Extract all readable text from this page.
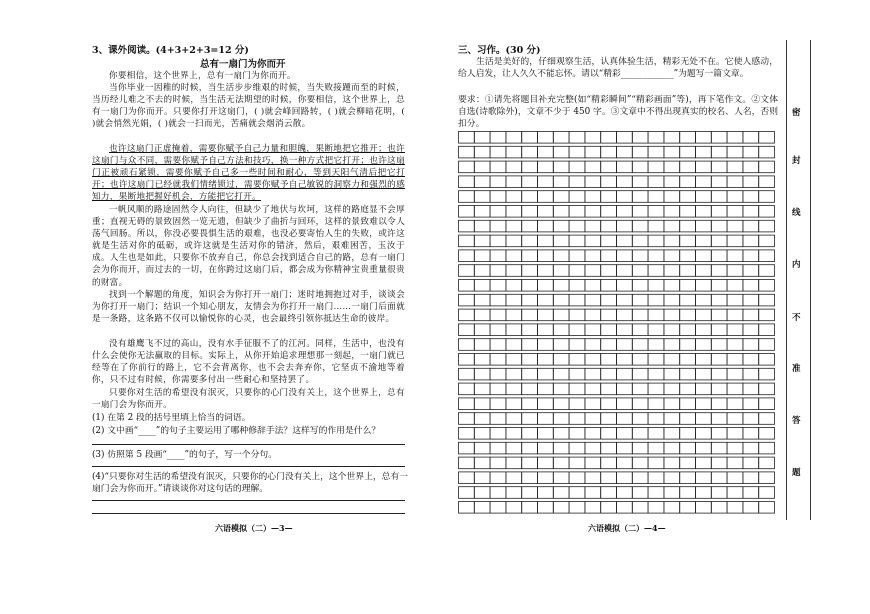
3、课外阅读。(4+3+2+3=12 分)
总有一扇门为你而开

你要相信，这个世界上，总有一扇门为你而开。

当你毕业一因稚的时候，当生活步步维艰的时候，当失败接踵而至的时候，当历经儿难之不去的时候，当生活无法期望的时候，你要相信，这个世界上，总有一扇门为你而开。只要你打开这扇门，( )就会峰回路转，( )就会柳暗花明，( )就会悄然光娟，( )就会一扫而光，苦痛就会烟消云散。

也许这扇门正虚掩着，需要你赋予自己力量和胆魄，果断地把它推开；也许这扇门与众不同，需要你赋予自己方法和技巧，换一种方式把它打开；也许这扇门正被顽石紧锁，需要你赋予自己多一些时间和耐心，等到天阳气清后把它打开；也许这扇门已经就我们情绪锁过，需要你赋予自己敏锐的洞察力和强烈的感知力，果断地把握好机会，方能把它打开。

一帆风顺的路途固然令人向往，但缺少了地伏与坎坷，这样的路庭显不会厚重；直视无碍的景致固然一览无遗，但缺少了曲折与回环，这样的景致难以令人荡气回肠。所以，你没必要畏惧生活的艰难，也没必要寄怡人生的失败，或许这就是生活对你的砥砺，或许这就是生活对你的错济，然后，艰难困苦，玉汝于成。人生也是如此，只要你不放弃自己，你总会找到适合自己的路，总有一扇门会为你而开，而过去的一切，在你跨过这扇门后，都会成为你精神宝贵重量很贵的财富。

找到一个解题的角度，知识会为你打开一扇门；迷时地拥抱过对手，谈谈会为你打开一扇门；结识一个知心朋友，友情会为你打开一扇门……一扇门后面就是一条路，这条路不仅可以愉悦你的心灵，也会最终引领你抵达生命的彼岸。

没有雄鹰飞不过的高山，没有水手征服不了的江河。同样，生活中，也没有什么会使你无法赢取的目标。实际上，从你开始追求理想那一刻起，一扇门就已经等在了你前行的路上，它不会背离你，也不会去奔弃你，它坚贞不渝地等着你，只不过有时候，你需要多付出一些耐心和坚持罢了。

只要你对生活的希望没有泯灭，只要你的心门没有关上，这个世界上，总有一扇门会为你而开。

(1) 在第 2 段的括号里填上恰当的词语。

(2) 文中画“____”的句子主要运用了哪种修辞手法？这样写的作用是什么？

(3) 仿照第 5 段画“____”的句子，写一个分句。

(4)“只要你对生活的希望没有泯灭，只要你的心门没有关上，这个世界上，总有一扇门会为你而开。”请谈谈你对这句话的理解。

六语模拟（二）—3—
三、习作。(30 分)

生活是美好的，仔细观察生活，认真体验生活，精彩无处不在。它使人感动，给人启发，让人久久不能忘怀。请以“精彩____________”为题写一篇文章。

要求：①请先将题目补充完整(如“精彩瞬间”“精彩画面”等)，再下笔作文。②文体自选(诗歌除外)，文章不少于 450 字。③文章中不得出现真实的校名、人名，否则扣分。

六语模拟（二）—4—
密
封
线
内
不
准
答
题
